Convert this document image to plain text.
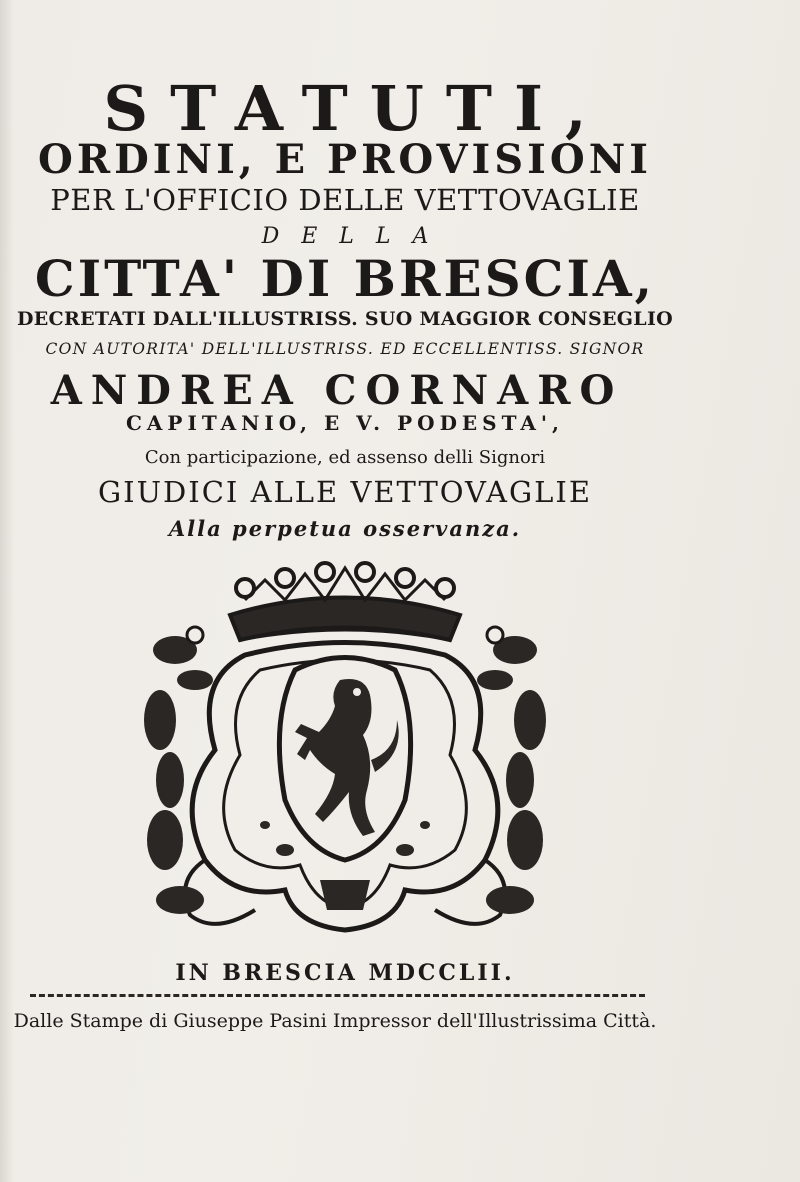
STATUTI,
ORDINI, E PROVISIONI
PER L'OFFICIO DELLE VETTOVAGLIE
DELLA
CITTA' DI BRESCIA,
DECRETATI DALL'ILLUSTRISS. SUO MAGGIOR CONSEGLIO
CON AUTORITA' DELL'ILLUSTRISS. ED ECCELLENTISS. SIGNOR
ANDREA CORNARO
CAPITANIO, E V. PODESTA',
Con participazione, ed assenso delli Signori
GIUDICI ALLE VETTOVAGLIE
Alla perpetua osservanza.
IN BRESCIA MDCCLII.
Dalle Stampe di Giuseppe Pasini Impressor dell'Illustrissima Città.
